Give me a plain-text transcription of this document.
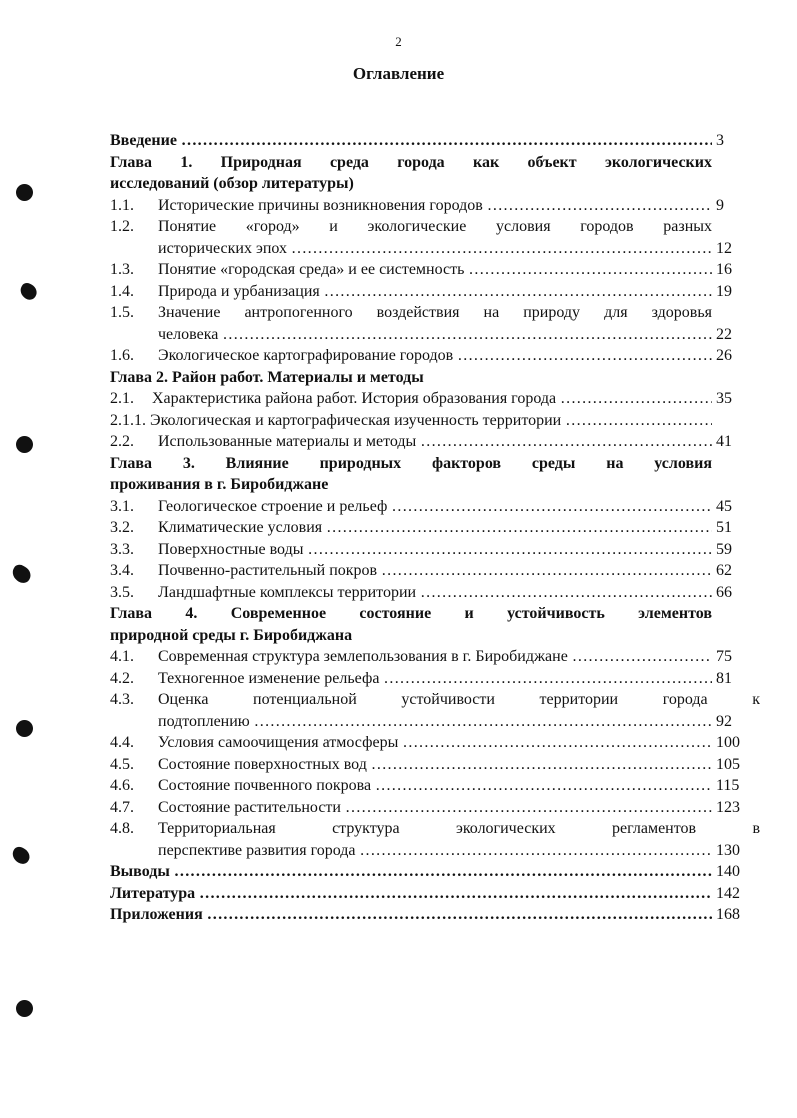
2
Оглавление
Введение ……………………………………………………………………………………………………………………………………………………	3
Глава 1. Природная среда города как объект экологических
исследований (обзор литературы)
1.1. Исторические причины возникновения городов ……………………………………………………………………………………………………………………………………………………	9
1.2. Понятие «город» и экологические условия городов разных
исторических эпох ……………………………………………………………………………………………………………………………………………………	12
1.3. Понятие «городская среда» и ее системность ……………………………………………………………………………………………………………………………………………………	16
1.4. Природа и урбанизация ……………………………………………………………………………………………………………………………………………………	19
1.5. Значение антропогенного воздействия на природу для здоровья
человека ……………………………………………………………………………………………………………………………………………………	22
1.6. Экологическое картографирование городов ……………………………………………………………………………………………………………………………………………………	26
Глава 2. Район работ. Материалы и методы
2.1. Характеристика района работ. История образования города ……………………………………………………………………………………………………………………………………………………	35
2.1.1. Экологическая и картографическая изученность территории ……………………………………………………………………………………………………………………………………………………
2.2. Использованные материалы и методы ……………………………………………………………………………………………………………………………………………………	41
Глава 3. Влияние природных факторов среды на условия
проживания в г. Биробиджане
3.1. Геологическое строение и рельеф ……………………………………………………………………………………………………………………………………………………	45
3.2. Климатические условия ……………………………………………………………………………………………………………………………………………………	51
3.3. Поверхностные воды ……………………………………………………………………………………………………………………………………………………	59
3.4. Почвенно-растительный покров ……………………………………………………………………………………………………………………………………………………	62
3.5. Ландшафтные комплексы территории ……………………………………………………………………………………………………………………………………………………	66
Глава 4. Современное состояние и устойчивость элементов
природной среды г. Биробиджана
4.1. Современная структура землепользования в г. Биробиджане ……………………………………………………………………………………………………………………………………………………	75
4.2. Техногенное изменение рельефа ……………………………………………………………………………………………………………………………………………………	81
4.3. Оценка потенциальной устойчивости территории города к
подтоплению ……………………………………………………………………………………………………………………………………………………	92
4.4. Условия самоочищения атмосферы ……………………………………………………………………………………………………………………………………………………	100
4.5. Состояние поверхностных вод ……………………………………………………………………………………………………………………………………………………	105
4.6. Состояние почвенного покрова ……………………………………………………………………………………………………………………………………………………	115
4.7. Состояние растительности ……………………………………………………………………………………………………………………………………………………	123
4.8. Территориальная структура экологических регламентов в
перспективе развития города ……………………………………………………………………………………………………………………………………………………	130
Выводы ……………………………………………………………………………………………………………………………………………………	140
Литература ……………………………………………………………………………………………………………………………………………………	142
Приложения ……………………………………………………………………………………………………………………………………………………	168
